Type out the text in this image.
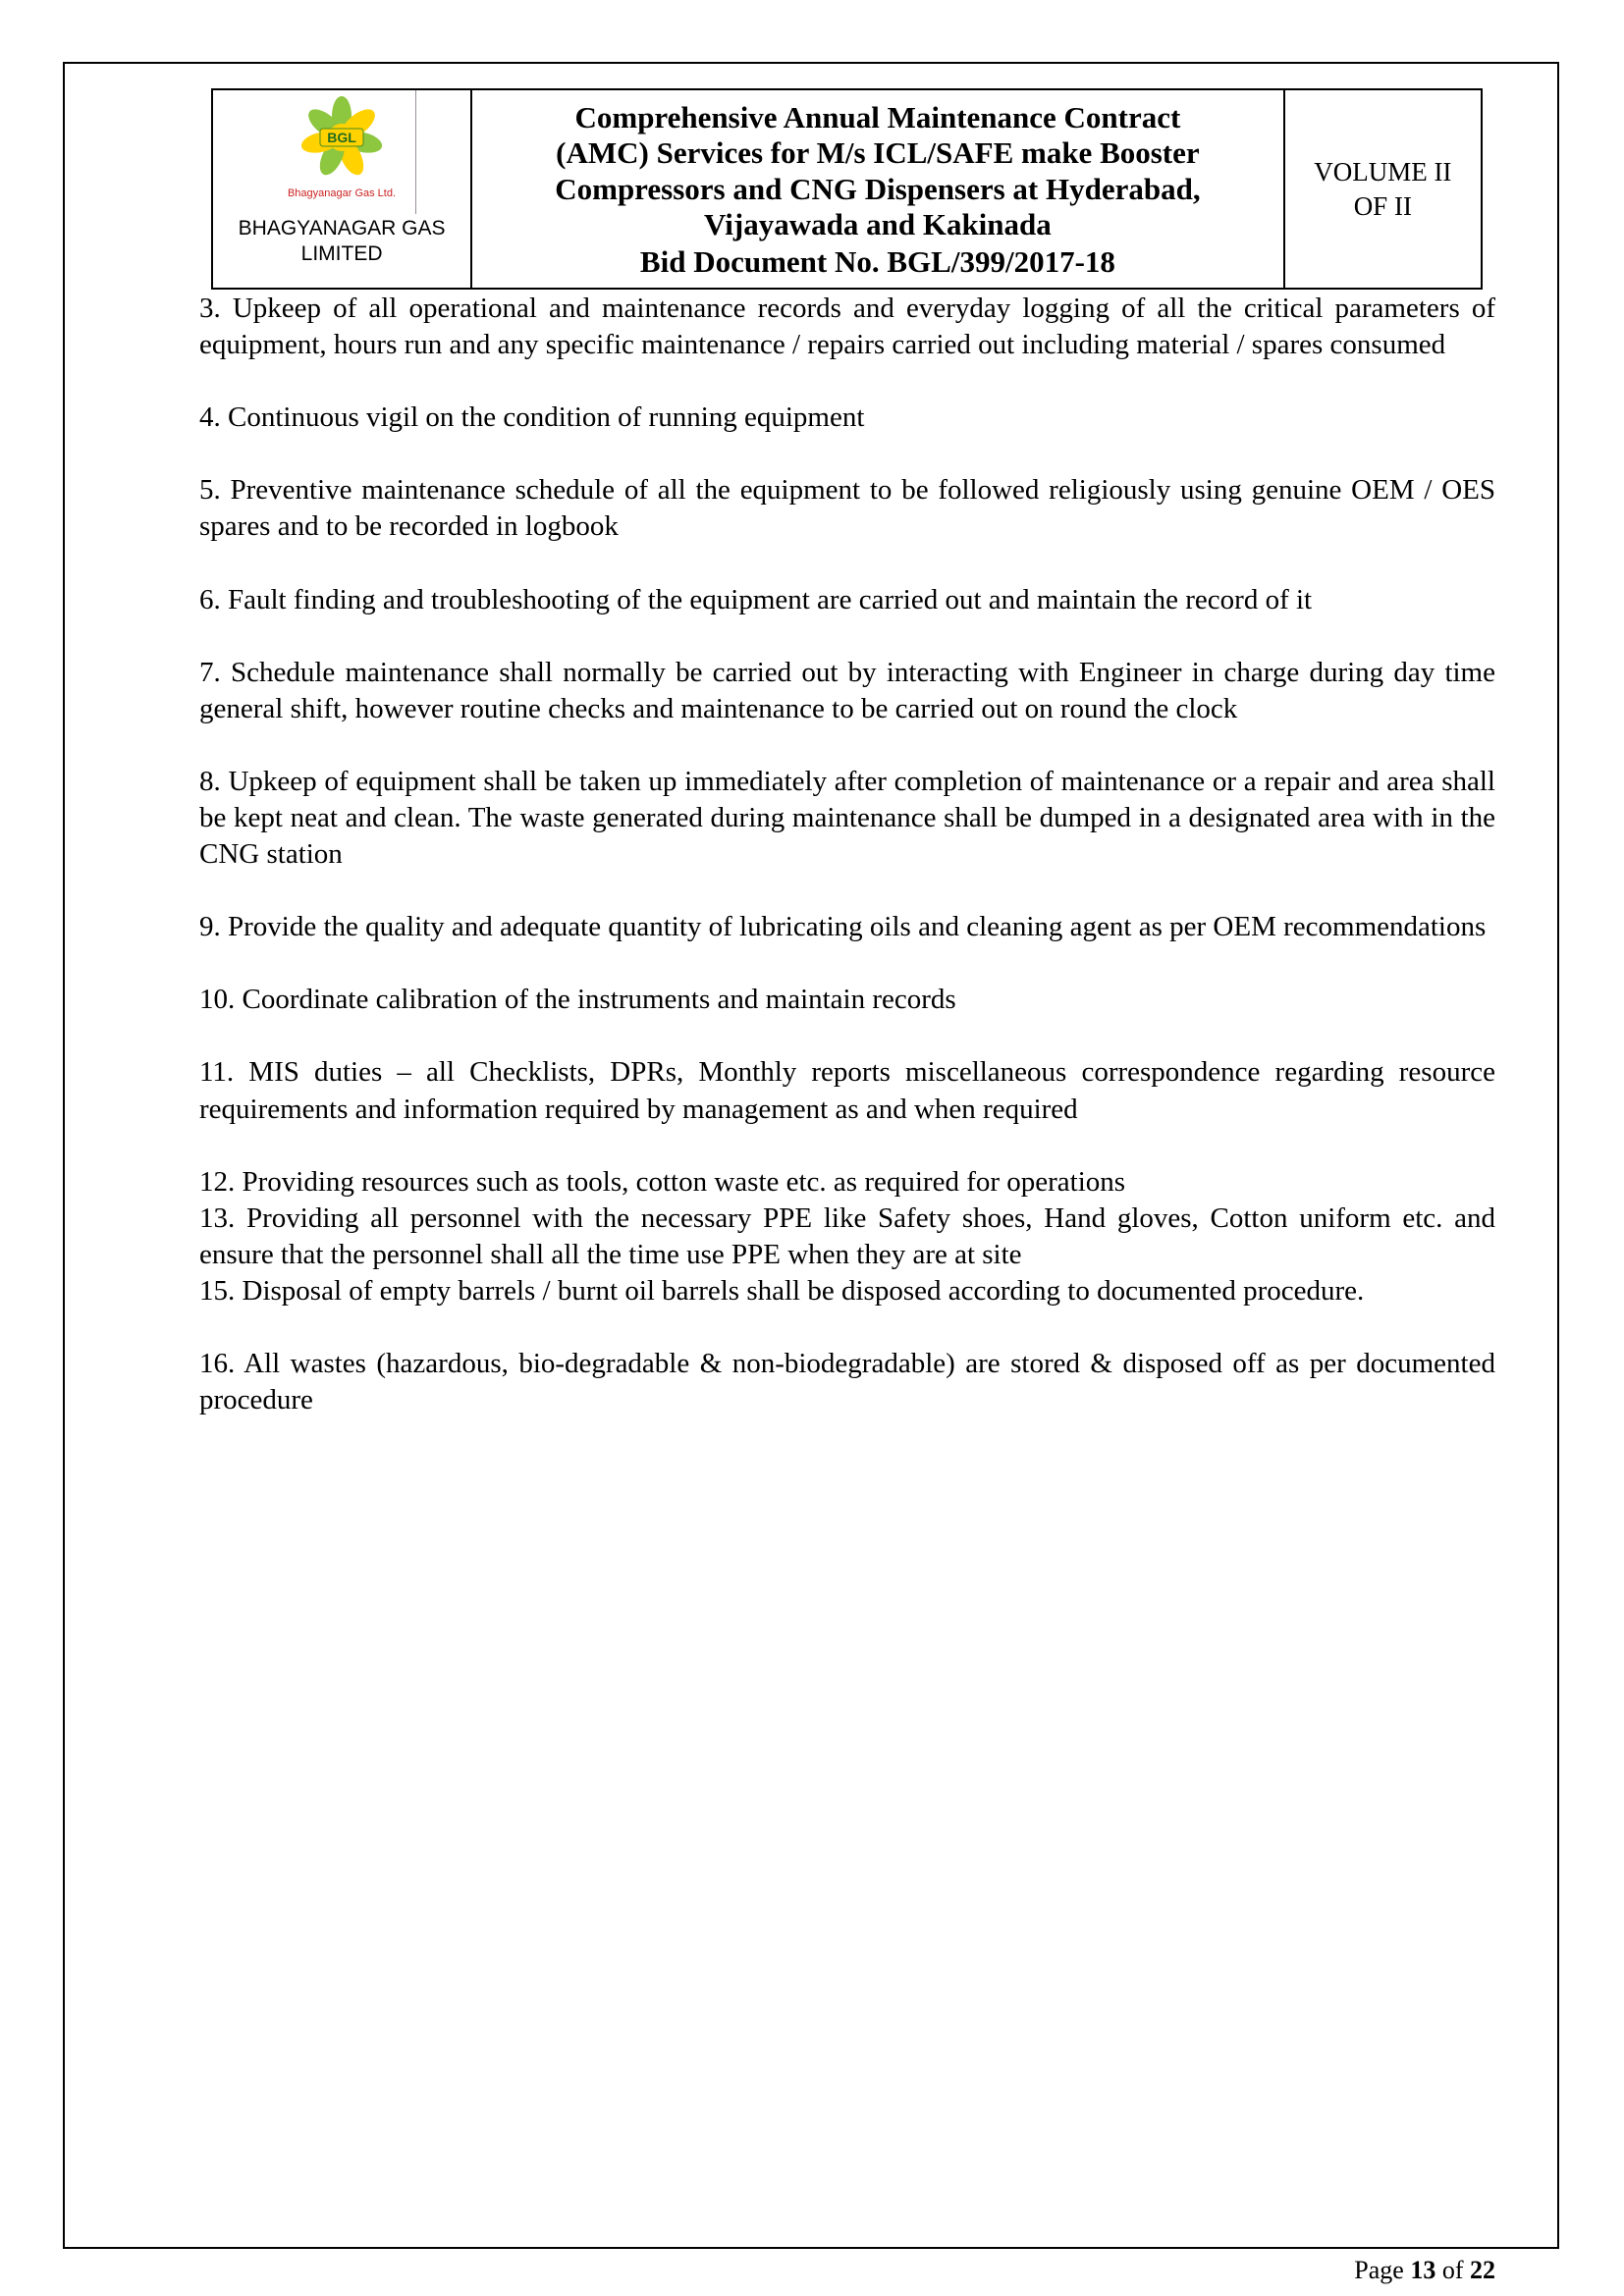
BGL
Bhagyanagar Gas Ltd.
BHAGYANAGAR GAS
LIMITED
Comprehensive Annual Maintenance Contract
(AMC) Services for M/s ICL/SAFE make Booster
Compressors and CNG Dispensers at Hyderabad,
Vijayawada and Kakinada
Bid Document No. BGL/399/2017-18
VOLUME II
OF II

3. Upkeep of all operational and maintenance records and everyday logging of all the critical parameters of equipment, hours run and any specific maintenance / repairs carried out including material / spares consumed

4. Continuous vigil on the condition of running equipment

5. Preventive maintenance schedule of all the equipment to be followed religiously using genuine OEM / OES spares and to be recorded in logbook

6. Fault finding and troubleshooting of the equipment are carried out and maintain the record of it

7. Schedule maintenance shall normally be carried out by interacting with Engineer in charge during day time general shift, however routine checks and maintenance to be carried out on round the clock

8. Upkeep of equipment shall be taken up immediately after completion of maintenance or a repair and area shall be kept neat and clean. The waste generated during maintenance shall be dumped in a designated area with in the CNG station

9. Provide the quality and adequate quantity of lubricating oils and cleaning agent as per OEM recommendations

10. Coordinate calibration of the instruments and maintain records

11. MIS duties – all Checklists, DPRs, Monthly reports miscellaneous correspondence regarding resource requirements and information required by management as and when required

12. Providing resources such as tools, cotton waste etc. as required for operations

13. Providing all personnel with the necessary PPE like Safety shoes, Hand gloves, Cotton uniform etc. and ensure that the personnel shall all the time use PPE when they are at site

15. Disposal of empty barrels / burnt oil barrels shall be disposed according to documented procedure.

16. All wastes (hazardous, bio-degradable & non-biodegradable) are stored & disposed off as per documented procedure

Page 13 of 22
